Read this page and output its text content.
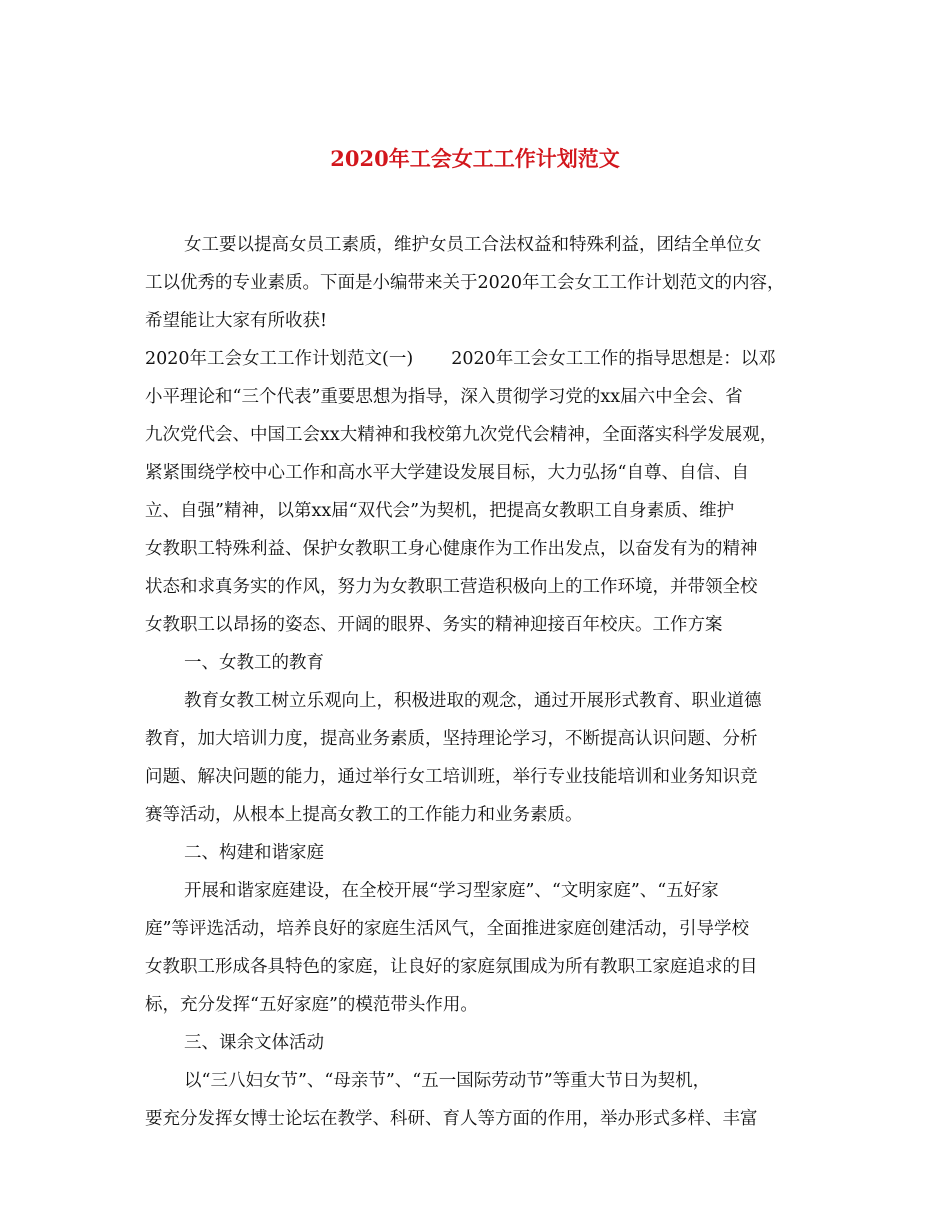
2020年工会女工工作计划范文

女工要以提高女员工素质，维护女员工合法权益和特殊利益，团结全单位女

工以优秀的专业素质。下面是小编带来关于2020年工会女工工作计划范文的内容，

希望能让大家有所收获!

2020年工会女工工作计划范文(一) 2020年工会女工工作的指导思想是：以邓

小平理论和“三个代表”重要思想为指导，深入贯彻学习党的xx届六中全会、省

九次党代会、中国工会xx大精神和我校第九次党代会精神，全面落实科学发展观，

紧紧围绕学校中心工作和高水平大学建设发展目标，大力弘扬“自尊、自信、自

立、自强”精神，以第xx届“双代会”为契机，把提高女教职工自身素质、维护

女教职工特殊利益、保护女教职工身心健康作为工作出发点，以奋发有为的精神

状态和求真务实的作风，努力为女教职工营造积极向上的工作环境，并带领全校

女教职工以昂扬的姿态、开阔的眼界、务实的精神迎接百年校庆。工作方案

一、女教工的教育

教育女教工树立乐观向上，积极进取的观念，通过开展形式教育、职业道德

教育，加大培训力度，提高业务素质，坚持理论学习，不断提高认识问题、分析

问题、解决问题的能力，通过举行女工培训班，举行专业技能培训和业务知识竞

赛等活动，从根本上提高女教工的工作能力和业务素质。

二、构建和谐家庭

开展和谐家庭建设，在全校开展“学习型家庭”、“文明家庭”、“五好家

庭”等评选活动，培养良好的家庭生活风气，全面推进家庭创建活动，引导学校

女教职工形成各具特色的家庭，让良好的家庭氛围成为所有教职工家庭追求的目

标，充分发挥“五好家庭”的模范带头作用。

三、课余文体活动

以“三八妇女节”、“母亲节”、“五一国际劳动节”等重大节日为契机，

要充分发挥女博士论坛在教学、科研、育人等方面的作用，举办形式多样、丰富
